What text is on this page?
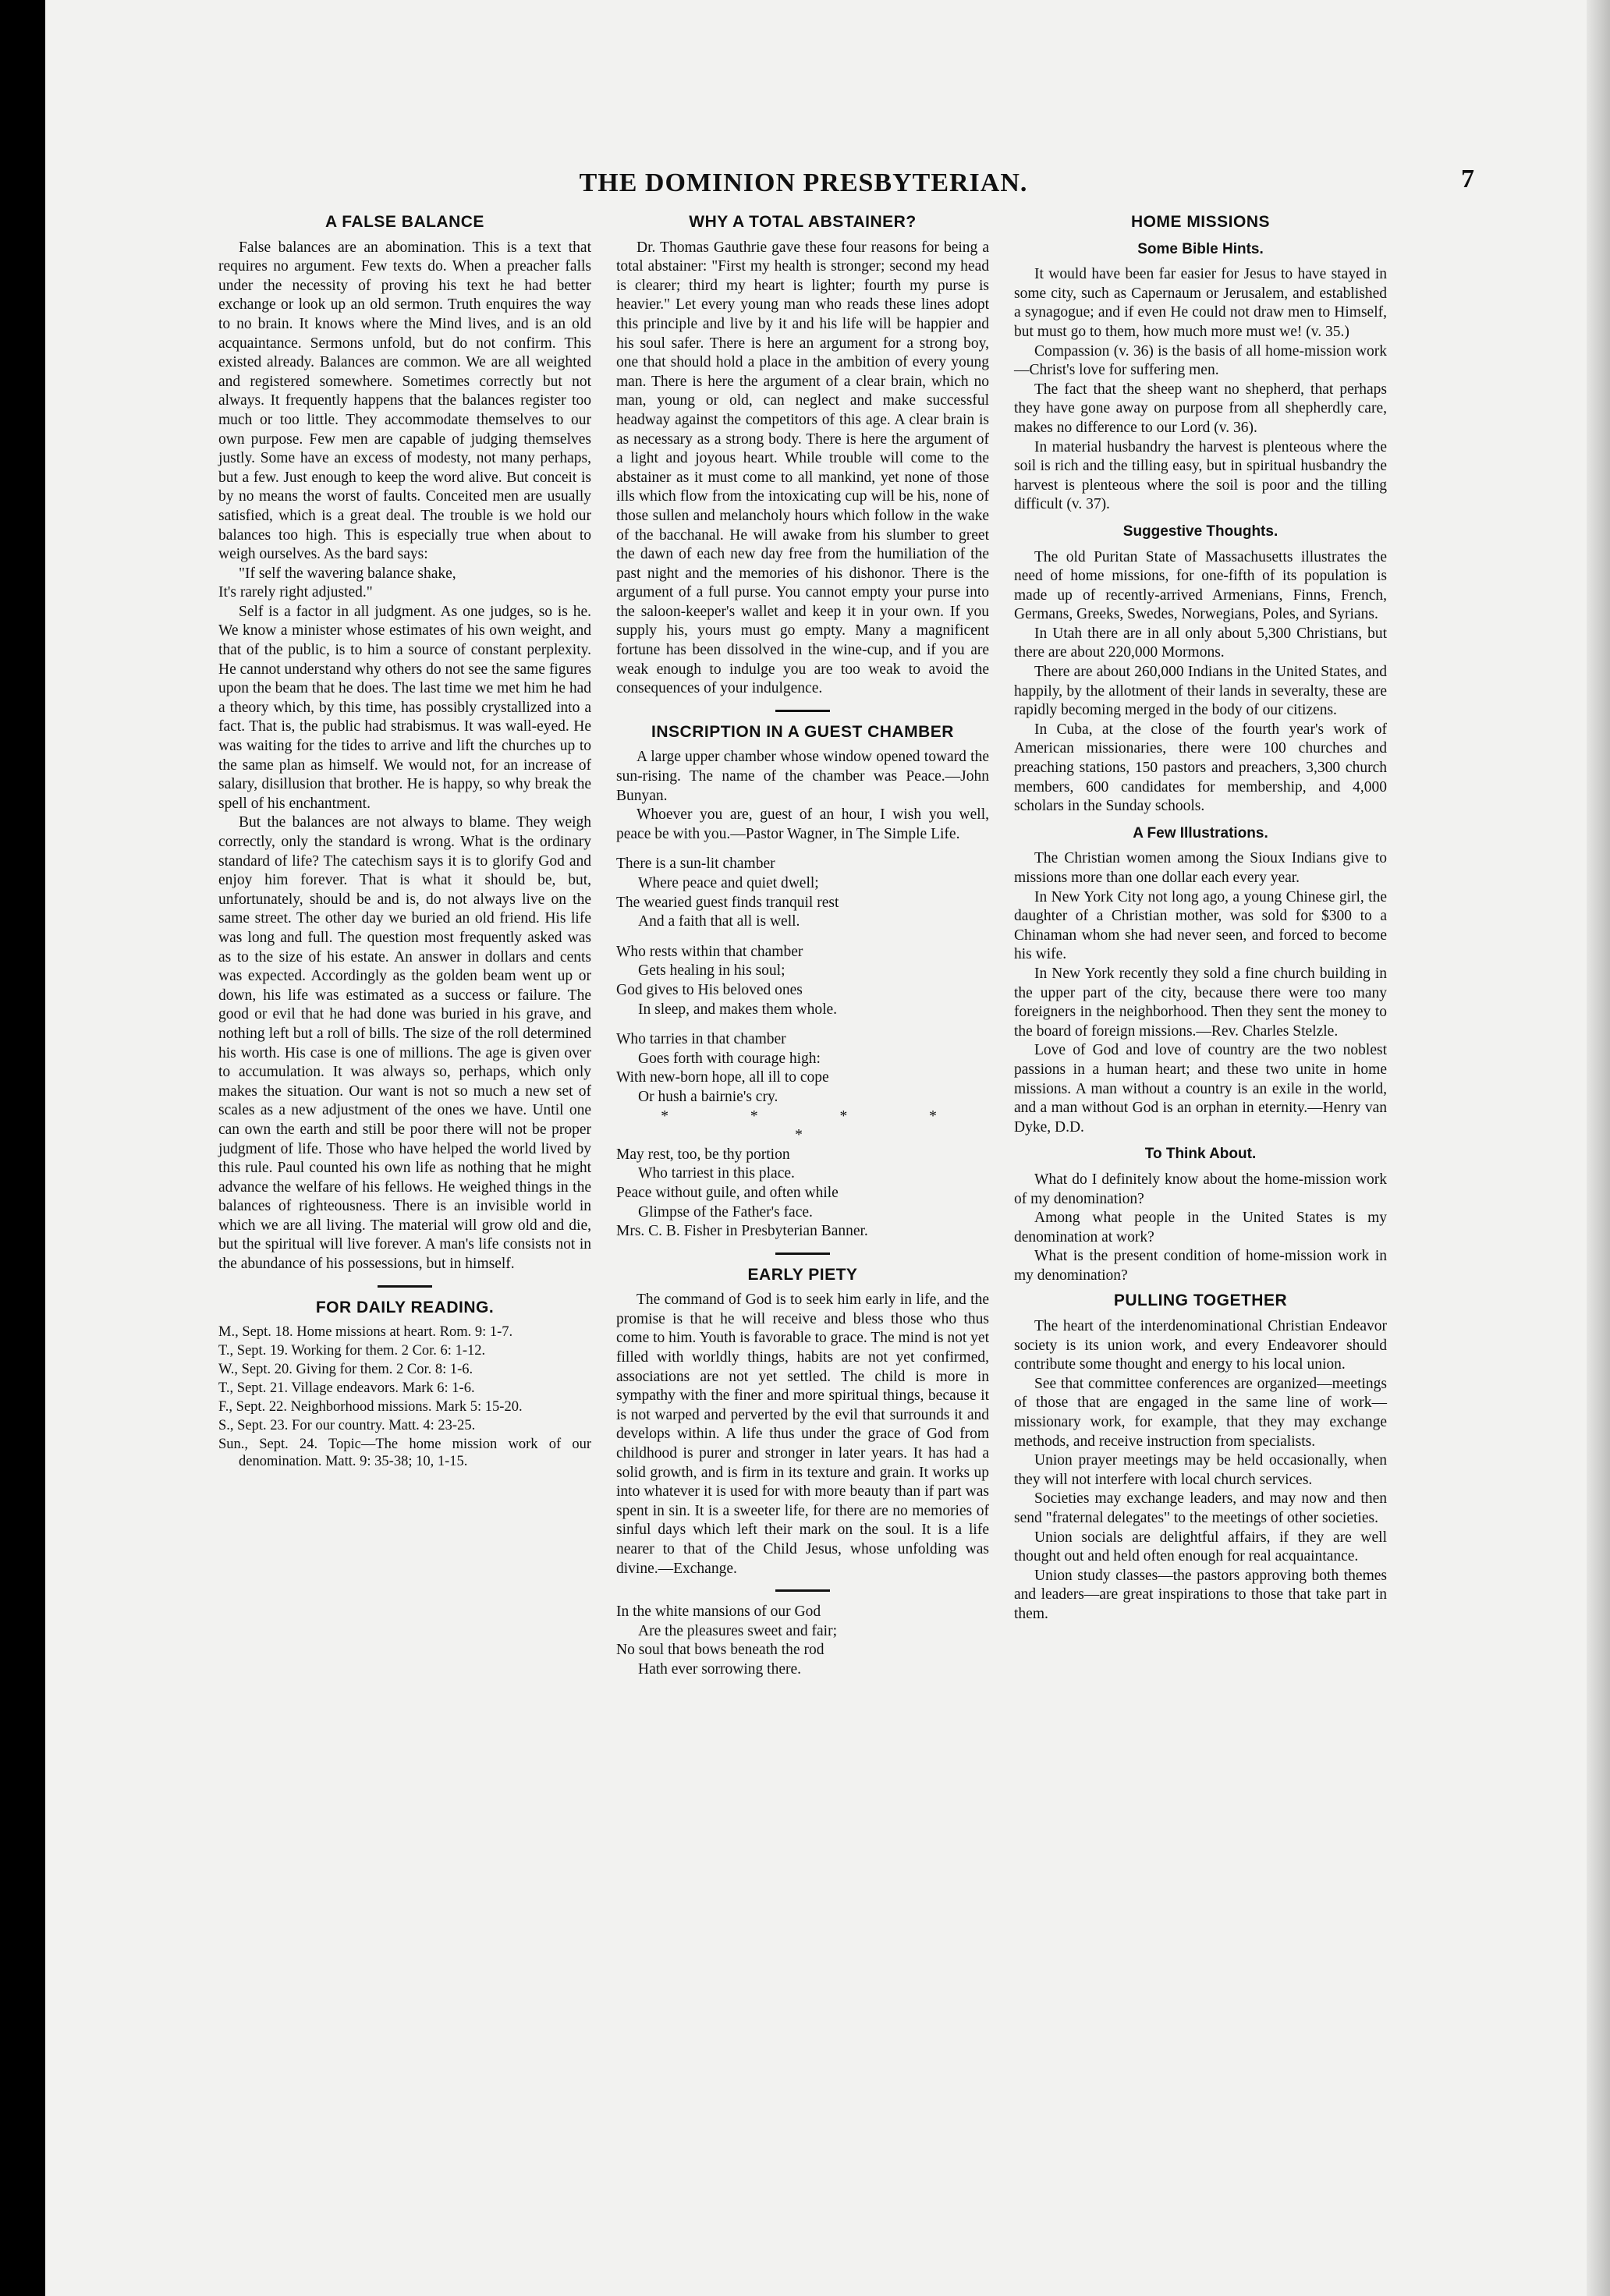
THE DOMINION PRESBYTERIAN.	7
A FALSE BALANCE

False balances are an abomination. This is a text that requires no argument. Few texts do. When a preacher falls under the necessity of proving his text he had better exchange or look up an old sermon. Truth enquires the way to no brain. It knows where the Mind lives, and is an old acquaintance. Sermons unfold, but do not confirm. This existed already. Balances are common. We are all weighted and registered somewhere. Sometimes correctly but not always. It frequently happens that the balances register too much or too little. They accommodate themselves to our own purpose. Few men are capable of judging themselves justly. Some have an excess of modesty, not many perhaps, but a few. Just enough to keep the word alive. But conceit is by no means the worst of faults. Conceited men are usually satisfied, which is a great deal. The trouble is we hold our balances too high. This is especially true when about to weigh ourselves. As the bard says:

"If self the wavering balance shake,

It's rarely right adjusted."

Self is a factor in all judgment. As one judges, so is he. We know a minister whose estimates of his own weight, and that of the public, is to him a source of constant perplexity. He cannot understand why others do not see the same figures upon the beam that he does. The last time we met him he had a theory which, by this time, has possibly crystallized into a fact. That is, the public had strabismus. It was wall-eyed. He was waiting for the tides to arrive and lift the churches up to the same plan as himself. We would not, for an increase of salary, disillusion that brother. He is happy, so why break the spell of his enchantment.

But the balances are not always to blame. They weigh correctly, only the standard is wrong. What is the ordinary standard of life? The catechism says it is to glorify God and enjoy him forever. That is what it should be, but, unfortunately, should be and is, do not always live on the same street. The other day we buried an old friend. His life was long and full. The question most frequently asked was as to the size of his estate. An answer in dollars and cents was expected. Accordingly as the golden beam went up or down, his life was estimated as a success or failure. The good or evil that he had done was buried in his grave, and nothing left but a roll of bills. The size of the roll determined his worth. His case is one of millions. The age is given over to accumulation. It was always so, perhaps, which only makes the situation. Our want is not so much a new set of scales as a new adjustment of the ones we have. Until one can own the earth and still be poor there will not be proper judgment of life. Those who have helped the world lived by this rule. Paul counted his own life as nothing that he might advance the welfare of his fellows. He weighed things in the balances of righteousness. There is an invisible world in which we are all living. The material will grow old and die, but the spiritual will live forever. A man's life consists not in the abundance of his possessions, but in himself.

FOR DAILY READING.
M., Sept. 18. Home missions at heart. Rom. 9: 1-7.
T., Sept. 19. Working for them. 2 Cor. 6: 1-12.
W., Sept. 20. Giving for them. 2 Cor. 8: 1-6.
T., Sept. 21. Village endeavors. Mark 6: 1-6.
F., Sept. 22. Neighborhood missions. Mark 5: 15-20.
S., Sept. 23. For our country. Matt. 4: 23-25.
Sun., Sept. 24. Topic—The home mission work of our denomination. Matt. 9: 35-38; 10, 1-15.
WHY A TOTAL ABSTAINER?

Dr. Thomas Gauthrie gave these four reasons for being a total abstainer: "First my health is stronger; second my head is clearer; third my heart is lighter; fourth my purse is heavier." Let every young man who reads these lines adopt this principle and live by it and his life will be happier and his soul safer. There is here an argument for a strong boy, one that should hold a place in the ambition of every young man. There is here the argument of a clear brain, which no man, young or old, can neglect and make successful headway against the competitors of this age. A clear brain is as necessary as a strong body. There is here the argument of a light and joyous heart. While trouble will come to the abstainer as it must come to all mankind, yet none of those ills which flow from the intoxicating cup will be his, none of those sullen and melancholy hours which follow in the wake of the bacchanal. He will awake from his slumber to greet the dawn of each new day free from the humiliation of the past night and the memories of his dishonor. There is the argument of a full purse. You cannot empty your purse into the saloon-keeper's wallet and keep it in your own. If you supply his, yours must go empty. Many a magnificent fortune has been dissolved in the wine-cup, and if you are weak enough to indulge you are too weak to avoid the consequences of your indulgence.

INSCRIPTION IN A GUEST CHAMBER

A large upper chamber whose window opened toward the sun-rising. The name of the chamber was Peace.—John Bunyan.

Whoever you are, guest of an hour, I wish you well, peace be with you.—Pastor Wagner, in The Simple Life.

There is a sun-lit chamber

Where peace and quiet dwell;

The wearied guest finds tranquil rest

And a faith that all is well.

Who rests within that chamber

Gets healing in his soul;

God gives to His beloved ones

In sleep, and makes them whole.

Who tarries in that chamber

Goes forth with courage high:

With new-born hope, all ill to cope

Or hush a bairnie's cry.

* * * * *

May rest, too, be thy portion

Who tarriest in this place.

Peace without guile, and often while

Glimpse of the Father's face.

Mrs. C. B. Fisher in Presbyterian Banner.

EARLY PIETY

The command of God is to seek him early in life, and the promise is that he will receive and bless those who thus come to him. Youth is favorable to grace. The mind is not yet filled with worldly things, habits are not yet confirmed, associations are not yet settled. The child is more in sympathy with the finer and more spiritual things, because it is not warped and perverted by the evil that surrounds it and develops within. A life thus under the grace of God from childhood is purer and stronger in later years. It has had a solid growth, and is firm in its texture and grain. It works up into whatever it is used for with more beauty than if part was spent in sin. It is a sweeter life, for there are no memories of sinful days which left their mark on the soul. It is a life nearer to that of the Child Jesus, whose unfolding was divine.—Exchange.

In the white mansions of our God

Are the pleasures sweet and fair;

No soul that bows beneath the rod

Hath ever sorrowing there.

HOME MISSIONS
Some Bible Hints.

It would have been far easier for Jesus to have stayed in some city, such as Capernaum or Jerusalem, and established a synagogue; and if even He could not draw men to Himself, but must go to them, how much more must we! (v. 35.)

Compassion (v. 36) is the basis of all home-mission work—Christ's love for suffering men.

The fact that the sheep want no shepherd, that perhaps they have gone away on purpose from all shepherdly care, makes no difference to our Lord (v. 36).

In material husbandry the harvest is plenteous where the soil is rich and the tilling easy, but in spiritual husbandry the harvest is plenteous where the soil is poor and the tilling difficult (v. 37).

Suggestive Thoughts.

The old Puritan State of Massachusetts illustrates the need of home missions, for one-fifth of its population is made up of recently-arrived Armenians, Finns, French, Germans, Greeks, Swedes, Norwegians, Poles, and Syrians.

In Utah there are in all only about 5,300 Christians, but there are about 220,000 Mormons.

There are about 260,000 Indians in the United States, and happily, by the allotment of their lands in severalty, these are rapidly becoming merged in the body of our citizens.

In Cuba, at the close of the fourth year's work of American missionaries, there were 100 churches and preaching stations, 150 pastors and preachers, 3,300 church members, 600 candidates for membership, and 4,000 scholars in the Sunday schools.

A Few Illustrations.

The Christian women among the Sioux Indians give to missions more than one dollar each every year.

In New York City not long ago, a young Chinese girl, the daughter of a Christian mother, was sold for $300 to a Chinaman whom she had never seen, and forced to become his wife.

In New York recently they sold a fine church building in the upper part of the city, because there were too many foreigners in the neighborhood. Then they sent the money to the board of foreign missions.—Rev. Charles Stelzle.

Love of God and love of country are the two noblest passions in a human heart; and these two unite in home missions. A man without a country is an exile in the world, and a man without God is an orphan in eternity.—Henry van Dyke, D.D.

To Think About.

What do I definitely know about the home-mission work of my denomination?

Among what people in the United States is my denomination at work?

What is the present condition of home-mission work in my denomination?

PULLING TOGETHER

The heart of the interdenominational Christian Endeavor society is its union work, and every Endeavorer should contribute some thought and energy to his local union.

See that committee conferences are organized—meetings of those that are engaged in the same line of work—missionary work, for example, that they may exchange methods, and receive instruction from specialists.

Union prayer meetings may be held occasionally, when they will not interfere with local church services.

Societies may exchange leaders, and may now and then send "fraternal delegates" to the meetings of other societies.

Union socials are delightful affairs, if they are well thought out and held often enough for real acquaintance.

Union study classes—the pastors approving both themes and leaders—are great inspirations to those that take part in them.
